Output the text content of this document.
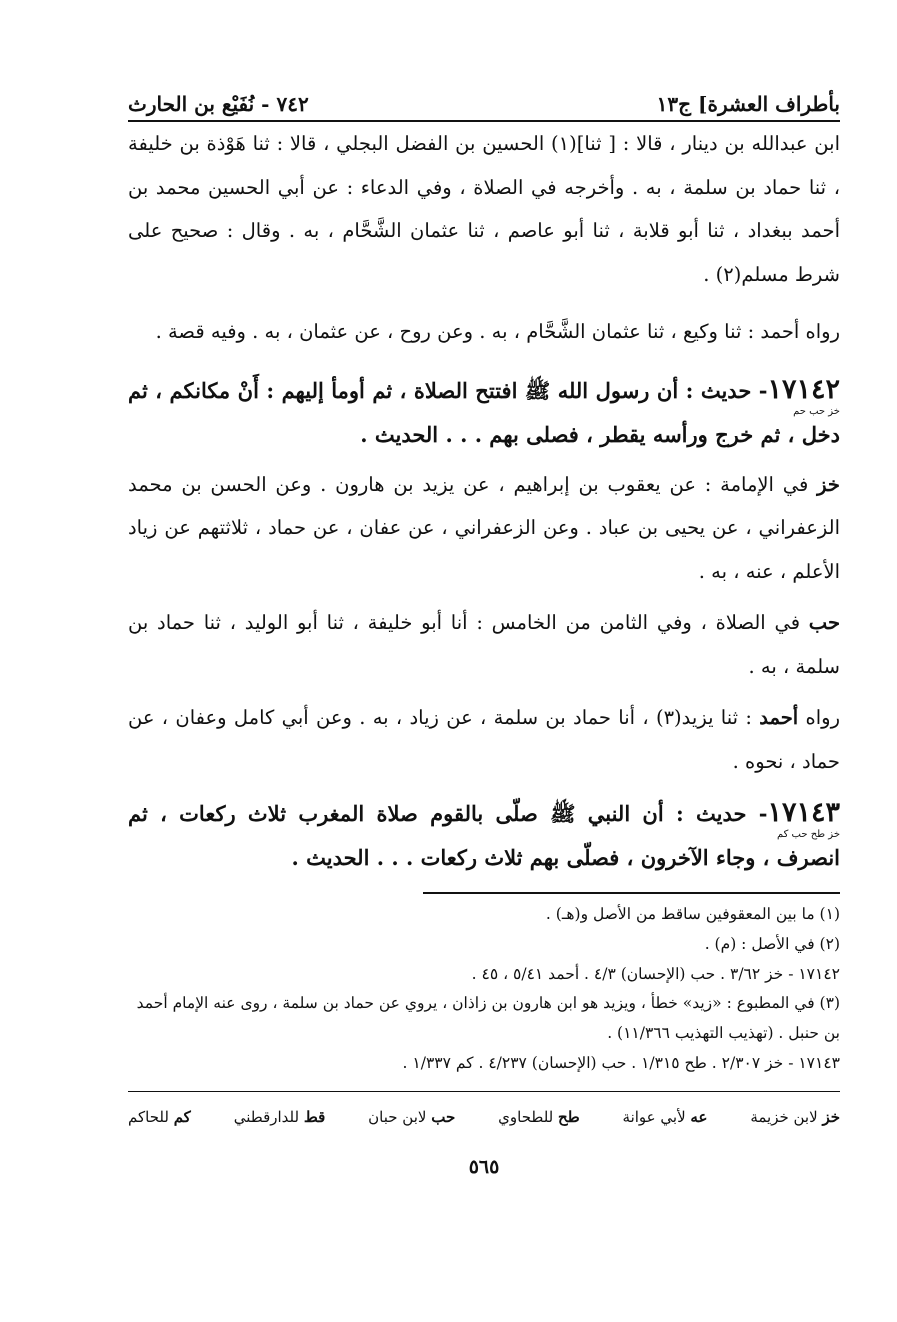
بأطراف العشرة] ج١٣
٧٤٢ - نُفَيْع بن الحارث

ابن عبدالله بن دينار ، قالا : [ ثنا](١) الحسين بن الفضل البجلي ، قالا : ثنا هَوْذة بن خليفة ، ثنا حماد بن سلمة ، به . وأخرجه في الصلاة ، وفي الدعاء : عن أبي الحسين محمد بن أحمد ببغداد ، ثنا أبو قلابة ، ثنا أبو عاصم ، ثنا عثمان الشَّحَّام ، به . وقال : صحيح على شرط مسلم(٢) .

رواه أحمد : ثنا وكيع ، ثنا عثمان الشَّحَّام ، به . وعن روح ، عن عثمان ، به . وفيه قصة .

١٧١٤٢
خز حب حم
- حديث : أن رسول الله ﷺ افتتح الصلاة ، ثم أومأ إليهم : أَنْ مكانكم ، ثم دخل ، ثم خرج ورأسه يقطر ، فصلى بهم . . . الحديث .

خز في الإمامة : عن يعقوب بن إبراهيم ، عن يزيد بن هارون . وعن الحسن بن محمد الزعفراني ، عن يحيى بن عباد . وعن الزعفراني ، عن عفان ، عن حماد ، ثلاثتهم عن زياد الأعلم ، عنه ، به .

حب في الصلاة ، وفي الثامن من الخامس : أنا أبو خليفة ، ثنا أبو الوليد ، ثنا حماد بن سلمة ، به .

رواه أحمد : ثنا يزيد(٣) ، أنا حماد بن سلمة ، عن زياد ، به . وعن أبي كامل وعفان ، عن حماد ، نحوه .

١٧١٤٣
خز طح حب كم
- حديث : أن النبي ﷺ صلّى بالقوم صلاة المغرب ثلاث ركعات ، ثم انصرف ، وجاء الآخرون ، فصلّى بهم ثلاث ركعات . . . الحديث .

(١) ما بين المعقوفين ساقط من الأصل و(هـ) .

(٢) في الأصل : (م) .

١٧١٤٢ - خز ٣/٦٢ . حب (الإحسان) ٤/٣ . أحمد ٥/٤١ ، ٤٥ .

(٣) في المطبوع : «زيد» خطأ ، ويزيد هو ابن هارون بن زاذان ، يروي عن حماد بن سلمة ، روى عنه الإمام أحمد بن حنبل . (تهذيب التهذيب ١١/٣٦٦) .

١٧١٤٣ - خز ٢/٣٠٧ . طح ١/٣١٥ . حب (الإحسان) ٤/٢٣٧ . كم ١/٣٣٧ .

خز لابن خزيمة
عه لأبي عوانة
طح للطحاوي
حب لابن حبان
قط للدارقطني
كم للحاكم
٥٦٥
